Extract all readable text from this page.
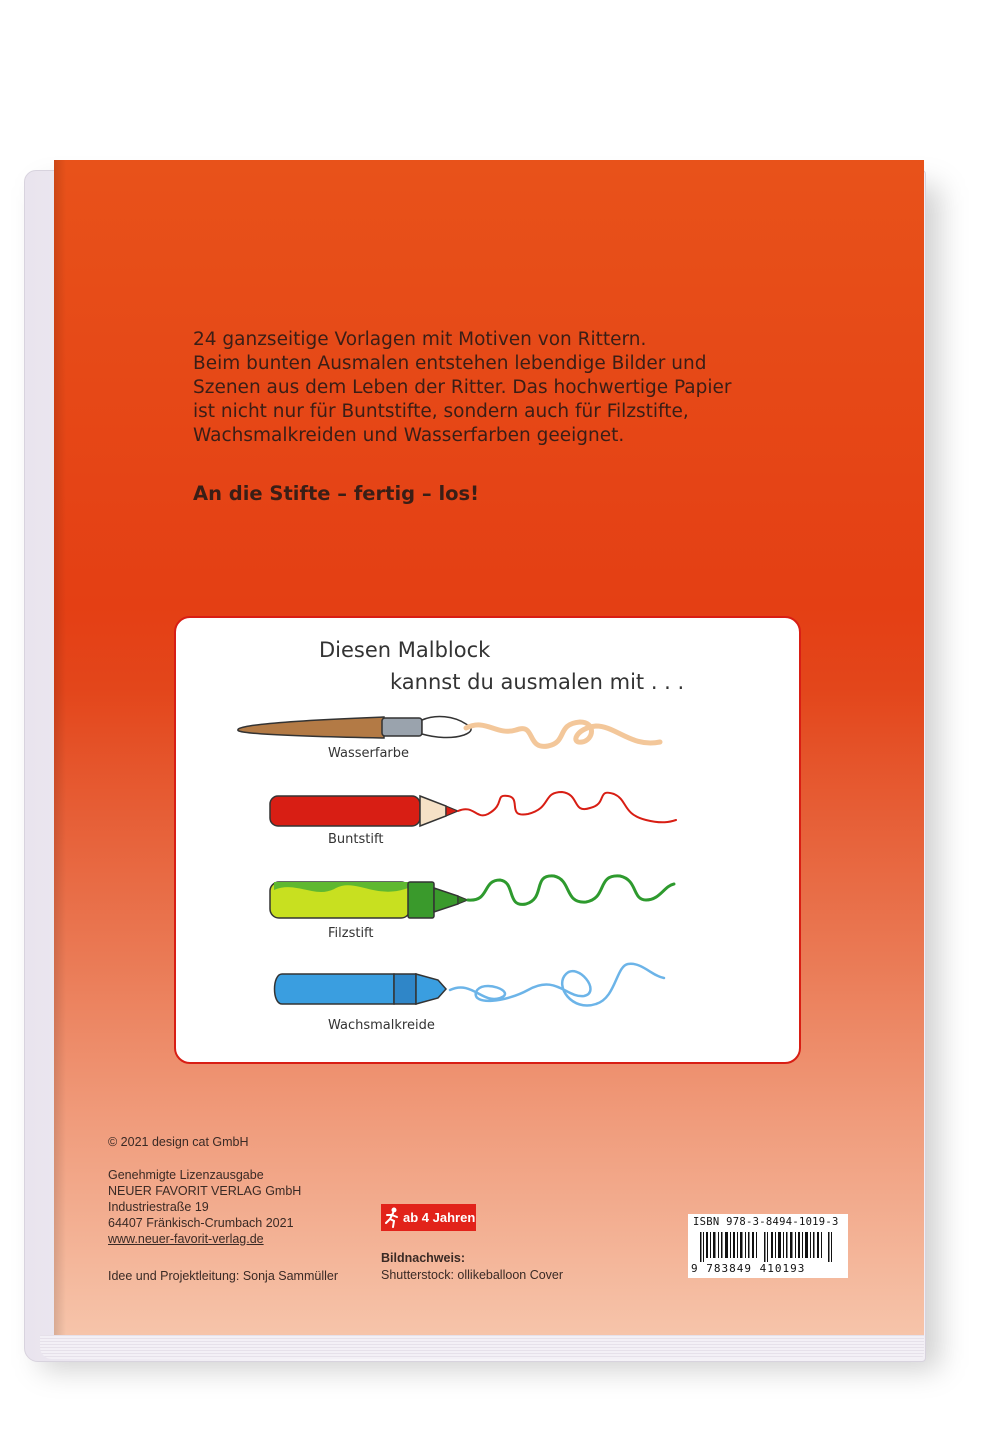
24 ganzseitige Vorlagen mit Motiven von Rittern.

Beim bunten Ausmalen entstehen lebendige Bilder und

Szenen aus dem Leben der Ritter. Das hochwertige Papier

ist nicht nur für Buntstifte, sondern auch für Filzstifte,

Wachsmalkreiden und Wasserfarben geeignet.

An die Stifte – fertig – los!
Diesen Malblock
kannst du ausmalen mit . . .
Wasserfarbe
Buntstift
Filzstift
Wachsmalkreide
© 2021 design cat GmbH

Genehmigte Lizenzausgabe

NEUER FAVORIT VERLAG GmbH

Industriestraße 19

64407 Fränkisch-Crumbach 2021

www.neuer-favorit-verlag.de

Idee und Projektleitung: Sonja Sammüller
ab 4 Jahren
Bildnachweis:
Shutterstock: ollikeballoon Cover
ISBN 978-3-8494-1019-3
9 783849 410193
